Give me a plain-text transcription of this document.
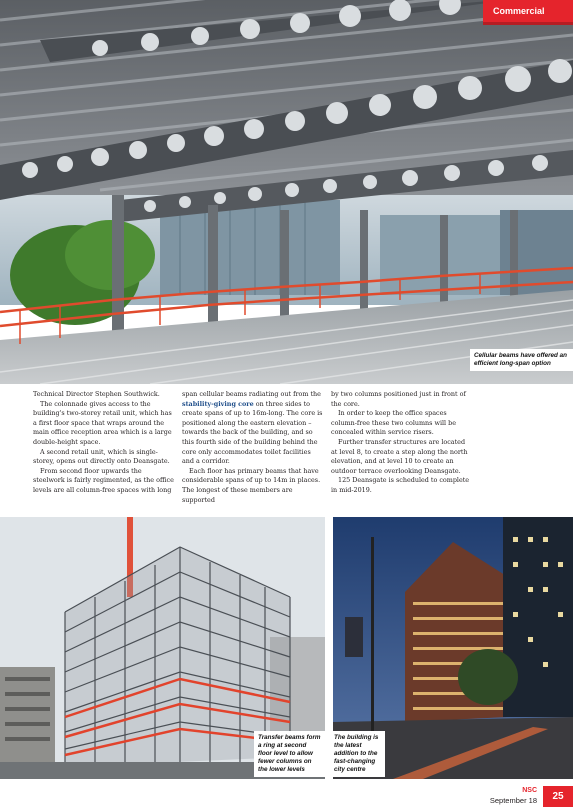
Commercial
Cellular beams have offered an efficient long-span option

Technical Director Stephen Southwick.

The colonnade gives access to the building's two-storey retail unit, which has a first floor space that wraps around the main office reception area which is a large double-height space.

A second retail unit, which is single-storey, opens out directly onto Deansgate.

From second floor upwards the steelwork is fairly regimented, as the office levels are all column-free spaces with long

span cellular beams radiating out from the stability-giving core on three sides to create spans of up to 16m-long. The core is positioned along the eastern elevation – towards the back of the building, and so this fourth side of the building behind the core only accommodates toilet facilities and a corridor.

Each floor has primary beams that have considerable spans of up to 14m in places. The longest of these members are supported

by two columns positioned just in front of the core.

In order to keep the office spaces column-free these two columns will be concealed within service risers.

Further transfer structures are located at level 8, to create a step along the north elevation, and at level 10 to create an outdoor terrace overlooking Deansgate.

125 Deansgate is scheduled to complete in mid-2019.

Transfer beams form a ring at second floor level to allow fewer columns on the lower levels
The building is the latest addition to the fast-changing city centre
NSC
September 18	25
